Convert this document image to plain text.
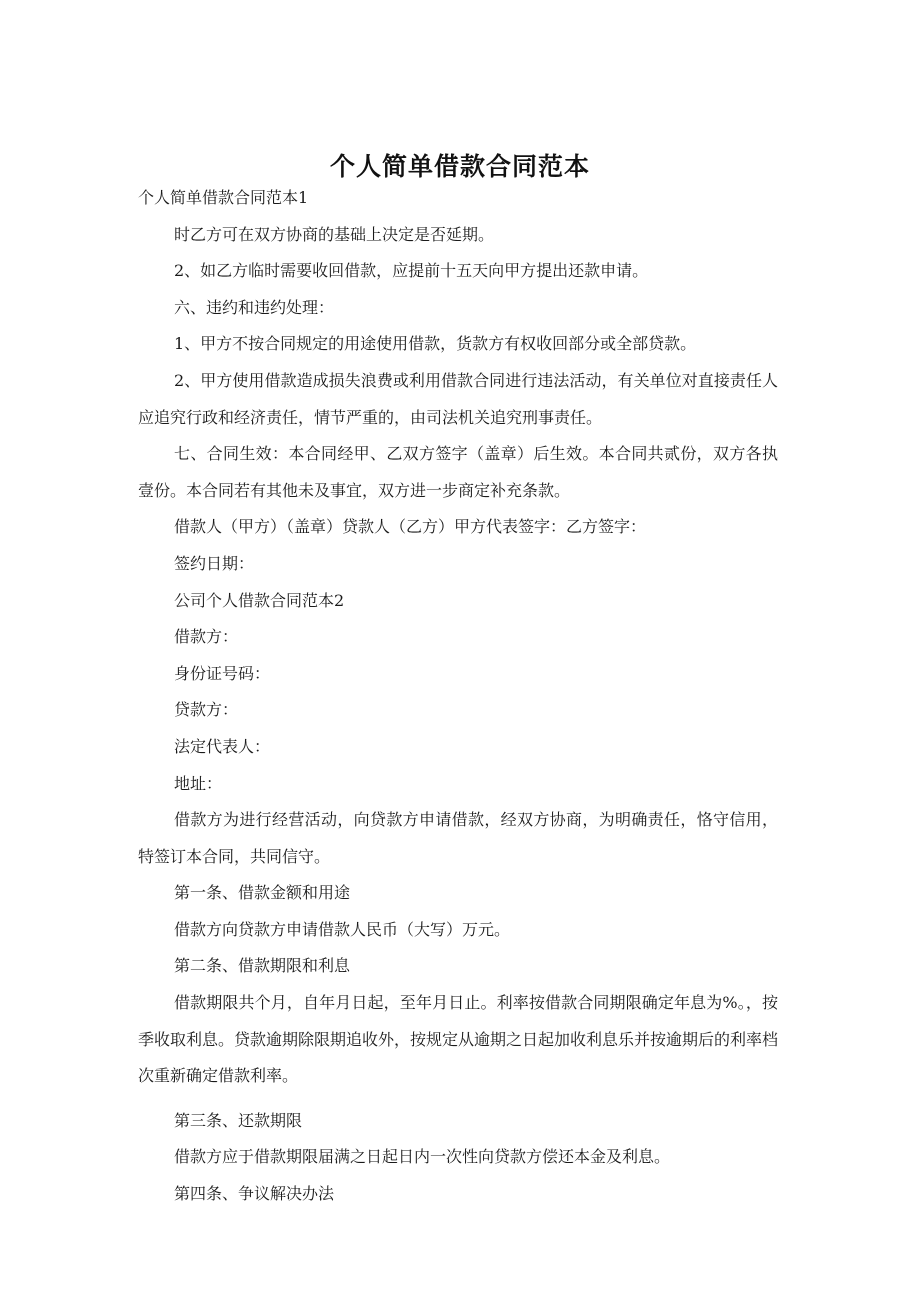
个人简单借款合同范本

个人简单借款合同范本1

时乙方可在双方协商的基础上决定是否延期。

2、如乙方临时需要收回借款，应提前十五天向甲方提出还款申请。

六、违约和违约处理：

1、甲方不按合同规定的用途使用借款，货款方有权收回部分或全部贷款。

2、甲方使用借款造成损失浪费或利用借款合同进行违法活动，有关单位对直接责任人应追究行政和经济责任，情节严重的，由司法机关追究刑事责任。

七、合同生效：本合同经甲、乙双方签字（盖章）后生效。本合同共贰份，双方各执壹份。本合同若有其他未及事宜，双方进一步商定补充条款。

借款人（甲方）（盖章）贷款人（乙方）甲方代表签字：乙方签字：

签约日期：

公司个人借款合同范本2

借款方：

身份证号码：

贷款方：

法定代表人：

地址：

借款方为进行经营活动，向贷款方申请借款，经双方协商，为明确责任，恪守信用，特签订本合同，共同信守。

第一条、借款金额和用途

借款方向贷款方申请借款人民币（大写）万元。

第二条、借款期限和利息

借款期限共个月，自年月日起，至年月日止。利率按借款合同期限确定年息为%。，按季收取利息。贷款逾期除限期追收外，按规定从逾期之日起加收利息乐并按逾期后的利率档次重新确定借款利率。

第三条、还款期限

借款方应于借款期限届满之日起日内一次性向贷款方偿还本金及利息。

第四条、争议解决办法
